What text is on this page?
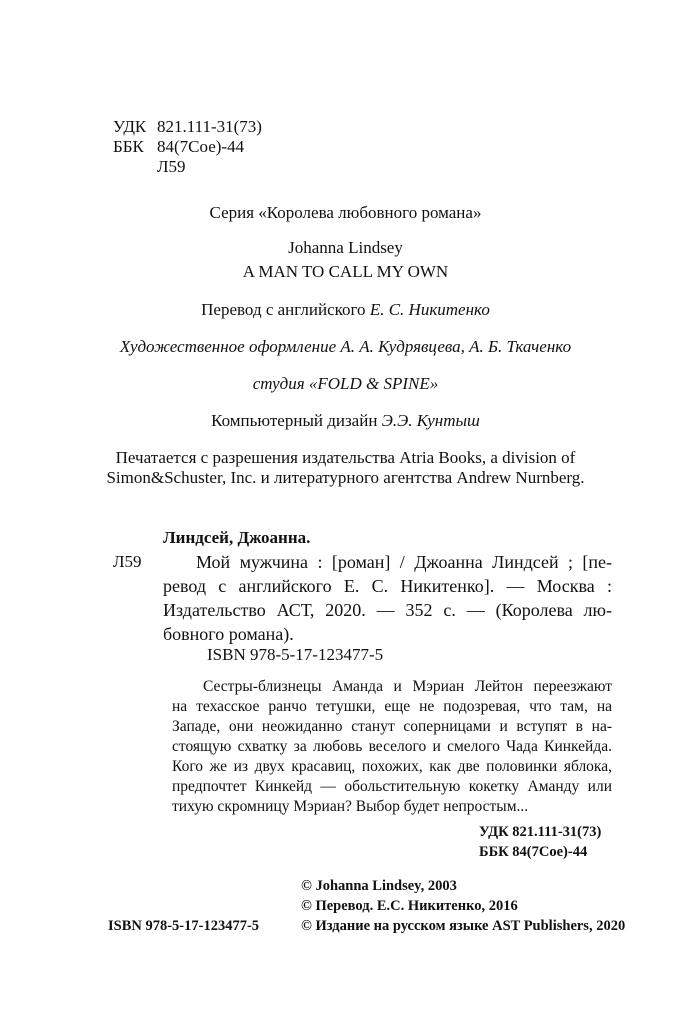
УДК 821.111-31(73)
ББК 84(7Сое)-44
Л59
Серия «Королева любовного романа»
Johanna Lindsey
A MAN TO CALL MY OWN
Перевод с английского Е. С. Никитенко
Художественное оформление А. А. Кудрявцева, А. Б. Ткаченко
студия «FOLD & SPINE»
Компьютерный дизайн Э.Э. Кунтыш
Печатается с разрешения издательства Atria Books, a division of
Simon&Schuster, Inc. и литературного агентства Andrew Nurnberg.
Линдсей, Джоанна.
Л59	Мой мужчина : [роман] / Джоанна Линдсей ; [пе-
ревод с английского Е. С. Никитенко]. — Москва :
Издательство АСТ, 2020. — 352 с. — (Королева лю-
бовного романа).
ISBN 978-5-17-123477-5
Сестры-близнецы Аманда и Мэриан Лейтон переезжают
на техасское ранчо тетушки, еще не подозревая, что там, на
Западе, они неожиданно станут соперницами и вступят в на-
стоящую схватку за любовь веселого и смелого Чада Кинкейда.
Кого же из двух красавиц, похожих, как две половинки яблока,
предпочтет Кинкейд — обольстительную кокетку Аманду или
тихую скромницу Мэриан? Выбор будет непростым...
УДК 821.111-31(73)
ББК 84(7Сое)-44
© Johanna Lindsey, 2003
© Перевод. Е.С. Никитенко, 2016
© Издание на русском языке AST Publishers, 2020
ISBN 978-5-17-123477-5
